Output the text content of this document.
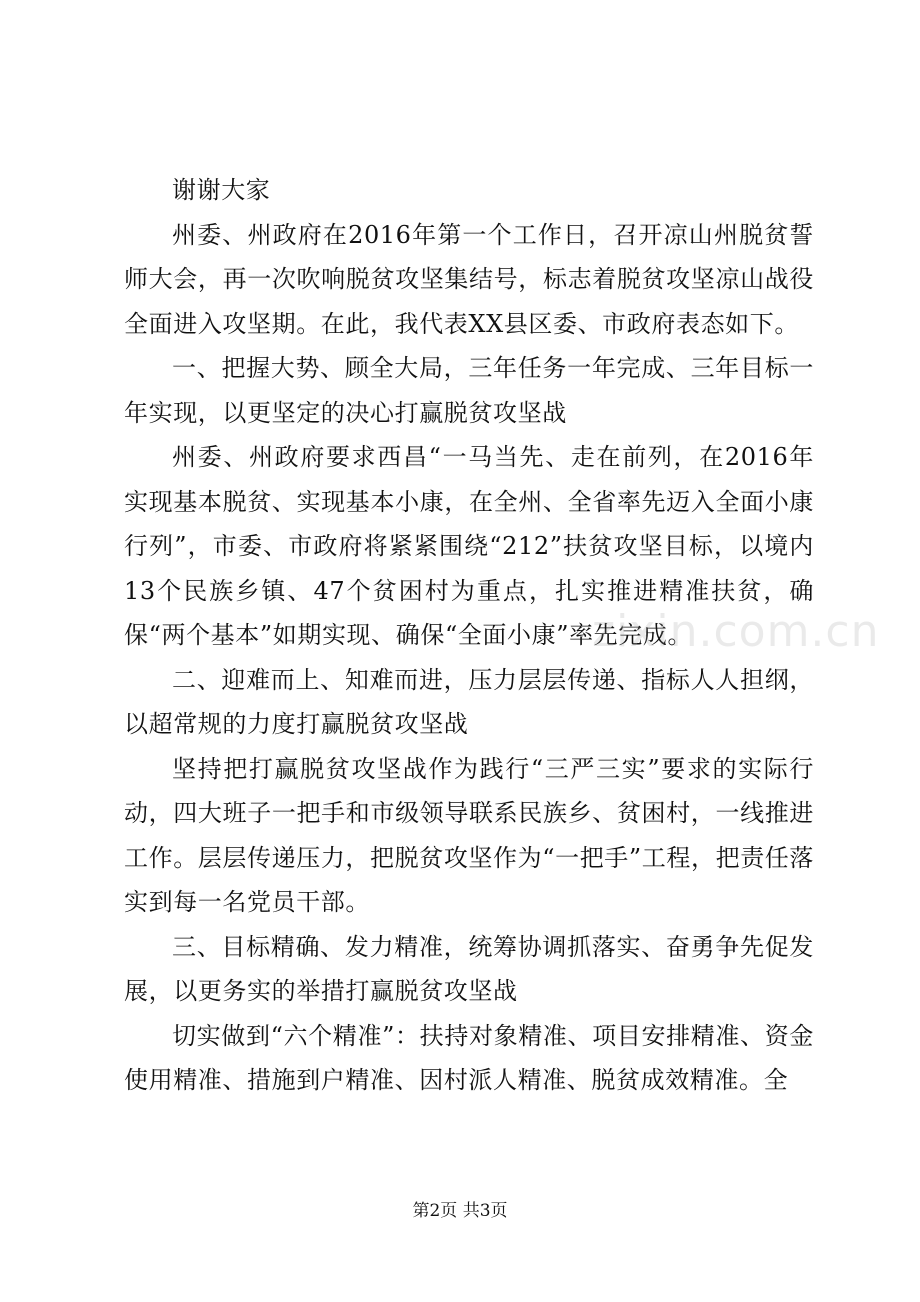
谢谢大家

州委、州政府在2016年第一个工作日，召开凉山州脱贫誓师大会，再一次吹响脱贫攻坚集结号，标志着脱贫攻坚凉山战役全面进入攻坚期。在此，我代表XX县区委、市政府表态如下。

一、把握大势、顾全大局，三年任务一年完成、三年目标一年实现，以更坚定的决心打赢脱贫攻坚战

州委、州政府要求西昌“一马当先、走在前列，在2016年实现基本脱贫、实现基本小康，在全州、全省率先迈入全面小康行列”，市委、市政府将紧紧围绕“212”扶贫攻坚目标，以境内13个民族乡镇、47个贫困村为重点，扎实推进精准扶贫，确保“两个基本”如期实现、确保“全面小康”率先完成。

二、迎难而上、知难而进，压力层层传递、指标人人担纲，以超常规的力度打赢脱贫攻坚战

坚持把打赢脱贫攻坚战作为践行“三严三实”要求的实际行动，四大班子一把手和市级领导联系民族乡、贫困村，一线推进工作。层层传递压力，把脱贫攻坚作为“一把手”工程，把责任落实到每一名党员干部。

三、目标精确、发力精准，统筹协调抓落实、奋勇争先促发展，以更务实的举措打赢脱贫攻坚战

切实做到“六个精准”：扶持对象精准、项目安排精准、资金使用精准、措施到户精准、因村派人精准、脱贫成效精准。全

zixin.com.cn
第2页 共3页
